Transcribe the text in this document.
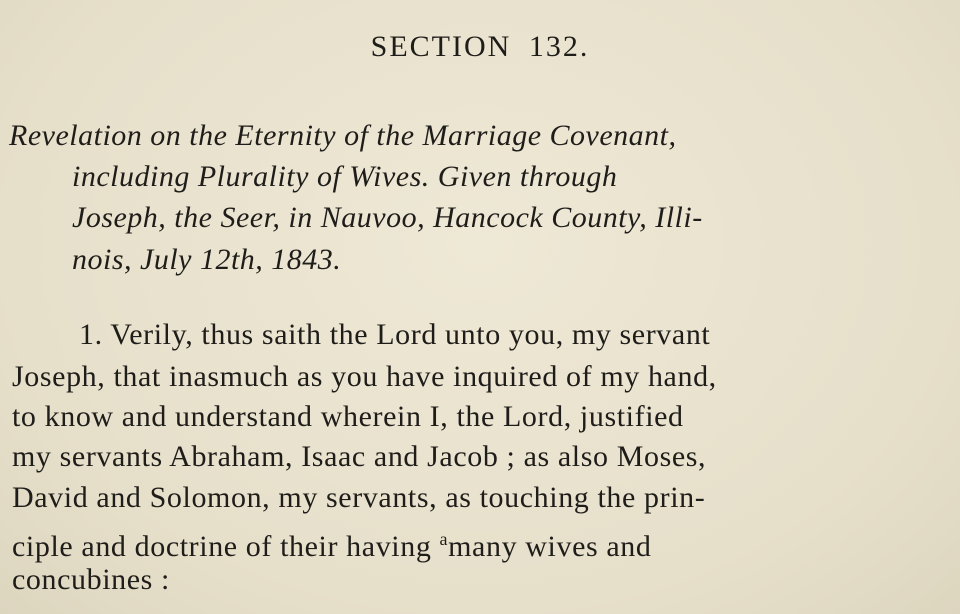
SECTION 132.
Revelation on the Eternity of the Marriage Covenant,
including Plurality of Wives. Given through
Joseph, the Seer, in Nauvoo, Hancock County, Illi-
nois, July 12th, 1843.
1. Verily, thus saith the Lord unto you, my servant
Joseph, that inasmuch as you have inquired of my hand,
to know and understand wherein I, the Lord, justified
my servants Abraham, Isaac and Jacob ; as also Moses,
David and Solomon, my servants, as touching the prin-
ciple and doctrine of their having $^a$many wives and
concubines :
